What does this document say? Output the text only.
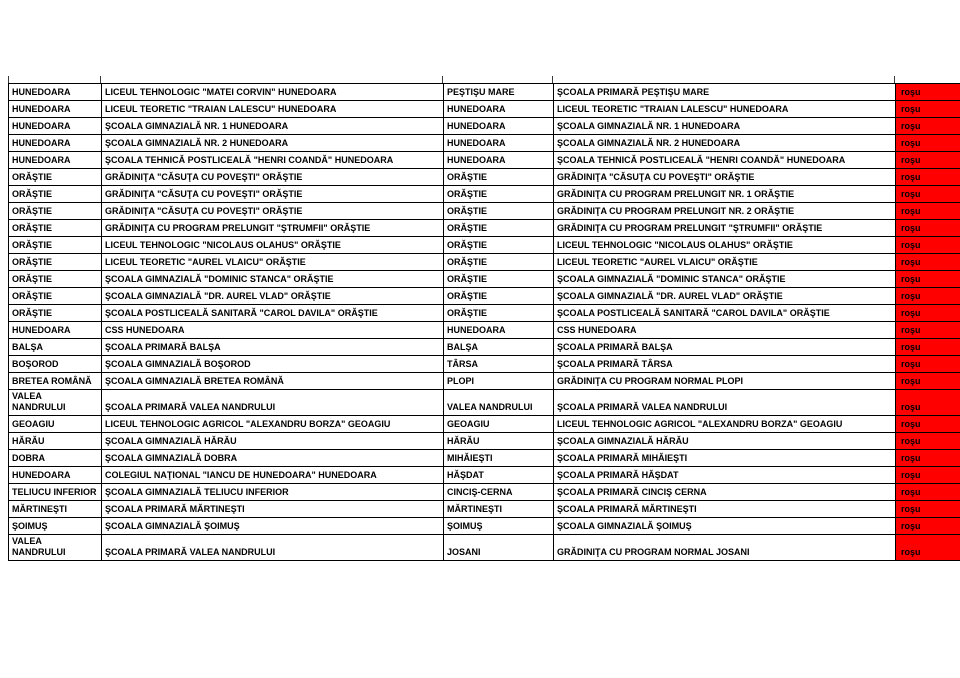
HUNEDOARA	LICEUL TEHNOLOGIC "MATEI CORVIN" HUNEDOARA	PEŞTIŞU MARE	ŞCOALA PRIMARĂ PEŞTIŞU MARE	roşu
HUNEDOARA	LICEUL TEORETIC "TRAIAN LALESCU" HUNEDOARA	HUNEDOARA	LICEUL TEORETIC "TRAIAN LALESCU" HUNEDOARA	roşu
HUNEDOARA	ŞCOALA GIMNAZIALĂ NR. 1 HUNEDOARA	HUNEDOARA	ŞCOALA GIMNAZIALĂ NR. 1 HUNEDOARA	roşu
HUNEDOARA	ŞCOALA GIMNAZIALĂ NR. 2 HUNEDOARA	HUNEDOARA	ŞCOALA GIMNAZIALĂ NR. 2 HUNEDOARA	roşu
HUNEDOARA	ŞCOALA TEHNICĂ POSTLICEALĂ "HENRI COANDĂ" HUNEDOARA	HUNEDOARA	ŞCOALA TEHNICĂ POSTLICEALĂ "HENRI COANDĂ" HUNEDOARA	roşu
ORĂŞTIE	GRĂDINIŢA "CĂSUŢA CU POVEŞTI" ORĂŞTIE	ORĂŞTIE	GRĂDINIŢA "CĂSUŢA CU POVEŞTI" ORĂŞTIE	roşu
ORĂŞTIE	GRĂDINIŢA "CĂSUŢA CU POVEŞTI" ORĂŞTIE	ORĂŞTIE	GRĂDINIŢA CU PROGRAM PRELUNGIT NR. 1 ORĂŞTIE	roşu
ORĂŞTIE	GRĂDINIŢA "CĂSUŢA CU POVEŞTI" ORĂŞTIE	ORĂŞTIE	GRĂDINIŢA CU PROGRAM PRELUNGIT NR. 2 ORĂŞTIE	roşu
ORĂŞTIE	GRĂDINIŢA CU PROGRAM PRELUNGIT "ŞTRUMFII" ORĂŞTIE	ORĂŞTIE	GRĂDINIŢA CU PROGRAM PRELUNGIT "ŞTRUMFII" ORĂŞTIE	roşu
ORĂŞTIE	LICEUL TEHNOLOGIC "NICOLAUS OLAHUS" ORĂŞTIE	ORĂŞTIE	LICEUL TEHNOLOGIC "NICOLAUS OLAHUS" ORĂŞTIE	roşu
ORĂŞTIE	LICEUL TEORETIC "AUREL VLAICU" ORĂŞTIE	ORĂŞTIE	LICEUL TEORETIC "AUREL VLAICU" ORĂŞTIE	roşu
ORĂŞTIE	ŞCOALA GIMNAZIALĂ "DOMINIC STANCA" ORĂŞTIE	ORĂŞTIE	ŞCOALA GIMNAZIALĂ "DOMINIC STANCA" ORĂŞTIE	roşu
ORĂŞTIE	ŞCOALA GIMNAZIALĂ "DR. AUREL VLAD" ORĂŞTIE	ORĂŞTIE	ŞCOALA GIMNAZIALĂ "DR. AUREL VLAD" ORĂŞTIE	roşu
ORĂŞTIE	ŞCOALA POSTLICEALĂ SANITARĂ "CAROL DAVILA" ORĂŞTIE	ORĂŞTIE	ŞCOALA POSTLICEALĂ SANITARĂ "CAROL DAVILA" ORĂŞTIE	roşu
HUNEDOARA	CSS HUNEDOARA	HUNEDOARA	CSS HUNEDOARA	roşu
BALŞA	ŞCOALA PRIMARĂ BALŞA	BALŞA	ŞCOALA PRIMARĂ BALŞA	roşu
BOŞOROD	ŞCOALA GIMNAZIALĂ BOŞOROD	TÂRSA	ŞCOALA PRIMARĂ TÂRSA	roşu
BRETEA ROMÂNĂ	ŞCOALA GIMNAZIALĂ BRETEA ROMÂNĂ	PLOPI	GRĂDINIŢA CU PROGRAM NORMAL PLOPI	roşu
VALEA
NANDRULUI	ŞCOALA PRIMARĂ VALEA NANDRULUI	VALEA NANDRULUI	ŞCOALA PRIMARĂ VALEA NANDRULUI	roşu
GEOAGIU	LICEUL TEHNOLOGIC AGRICOL "ALEXANDRU BORZA" GEOAGIU	GEOAGIU	LICEUL TEHNOLOGIC AGRICOL "ALEXANDRU BORZA" GEOAGIU	roşu
HĂRĂU	ŞCOALA GIMNAZIALĂ HĂRĂU	HĂRĂU	ŞCOALA GIMNAZIALĂ HĂRĂU	roşu
DOBRA	ŞCOALA GIMNAZIALĂ DOBRA	MIHĂIEŞTI	ŞCOALA PRIMARĂ MIHĂIEŞTI	roşu
HUNEDOARA	COLEGIUL NAŢIONAL "IANCU DE HUNEDOARA" HUNEDOARA	HĂŞDAT	ŞCOALA PRIMARĂ HĂŞDAT	roşu
TELIUCU INFERIOR	ŞCOALA GIMNAZIALĂ TELIUCU INFERIOR	CINCIŞ-CERNA	ŞCOALA PRIMARĂ CINCIŞ CERNA	roşu
MĂRTINEŞTI	ŞCOALA PRIMARĂ MĂRTINEŞTI	MĂRTINEŞTI	ŞCOALA PRIMARĂ MĂRTINEŞTI	roşu
ŞOIMUŞ	ŞCOALA GIMNAZIALĂ ŞOIMUŞ	ŞOIMUŞ	ŞCOALA GIMNAZIALĂ ŞOIMUŞ	roşu
VALEA
NANDRULUI	ŞCOALA PRIMARĂ VALEA NANDRULUI	JOSANI	GRĂDINIŢA CU PROGRAM NORMAL JOSANI	roşu
